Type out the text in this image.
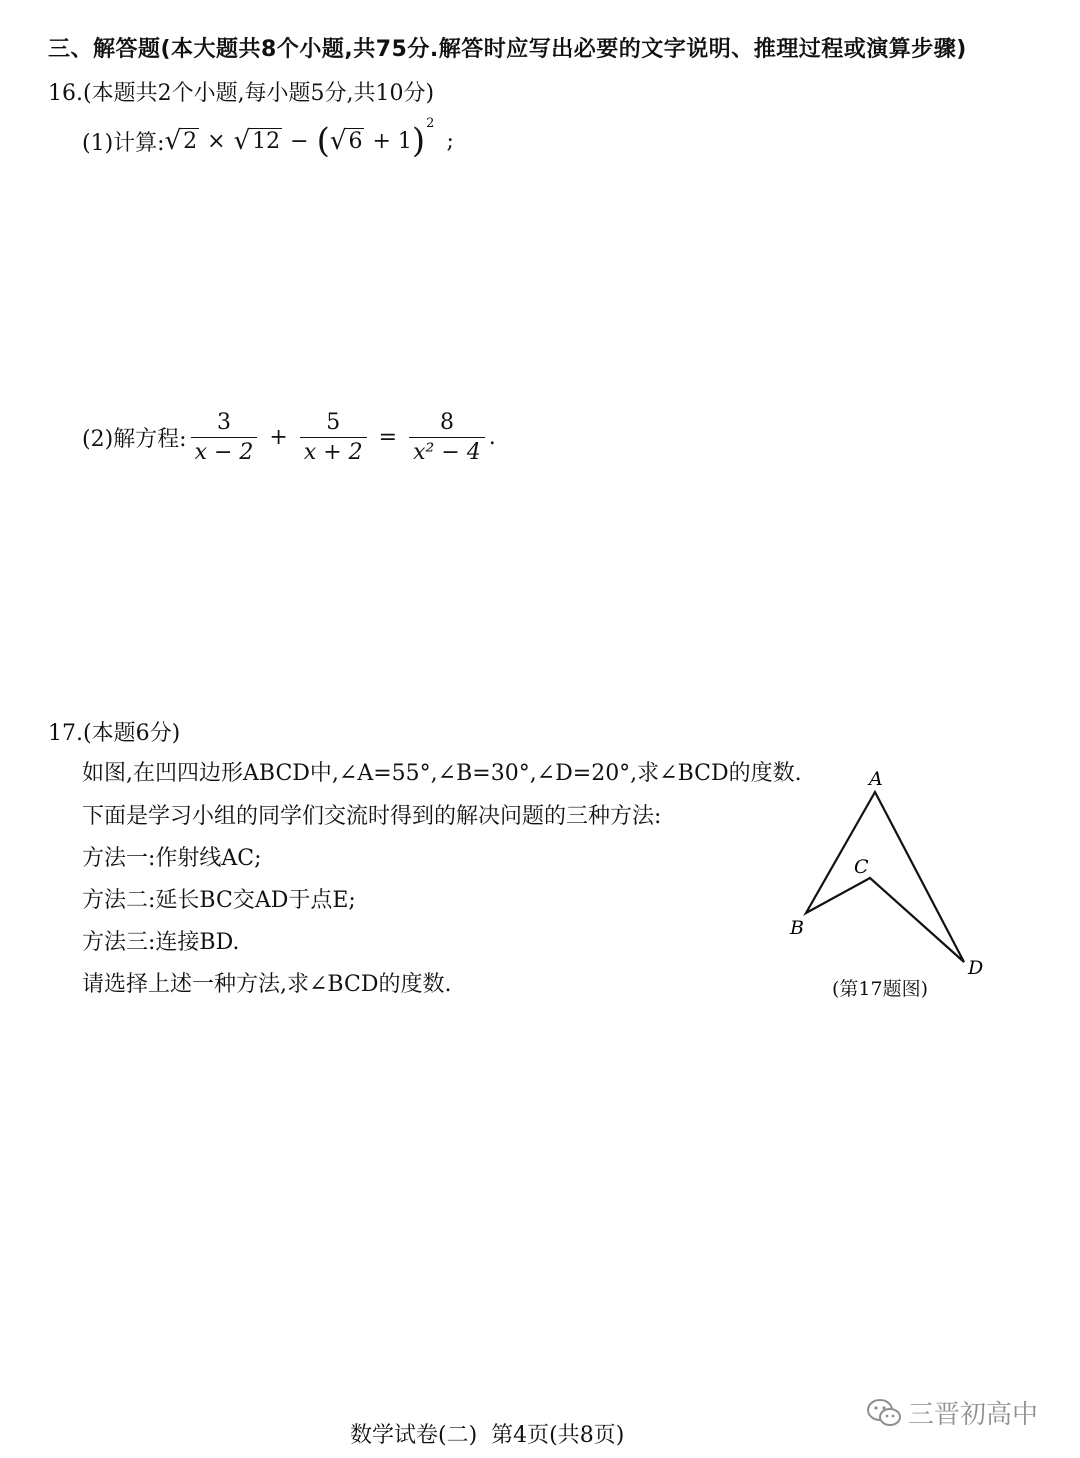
三、解答题(本大题共8个小题,共75分.解答时应写出必要的文字说明、推理过程或演算步骤)
16.(本题共2个小题,每小题5分,共10分)
(1)计算: √ 2 × √ 12 − ( √ 6 + 1 ) 2
;
(2)解方程: $\frac{3}{x - 2} + \frac{5}{x + 2} = \frac{8}{\text{x² − 4}}$ .
17.(本题6分)
如图,在凹四边形ABCD中,∠A=55°,∠B=30°,∠D=20°,求∠BCD的度数.
下面是学习小组的同学们交流时得到的解决问题的三种方法:
方法一:作射线AC;
方法二:延长BC交AD于点E;
方法三:连接BD.
请选择上述一种方法,求∠BCD的度数.
A
B
C
D
(第17题图)
三晋初高中
数学试卷(二)  第4页(共8页)
